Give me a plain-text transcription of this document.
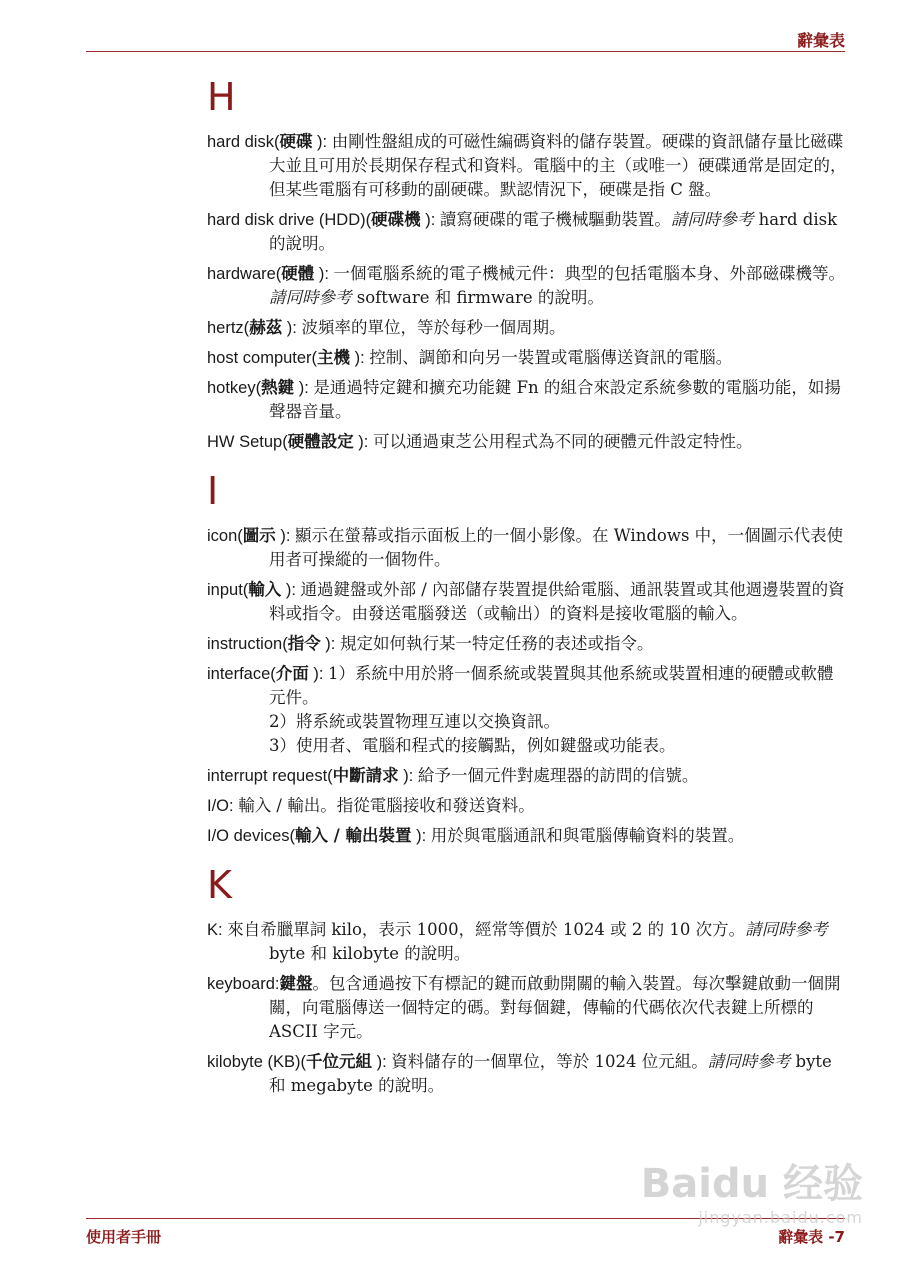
辭彙表
H
hard disk(硬碟 ): 由剛性盤組成的可磁性編碼資料的儲存裝置。硬碟的資訊儲存量比磁碟大並且可用於長期保存程式和資料。電腦中的主（或唯一）硬碟通常是固定的，但某些電腦有可移動的副硬碟。默認情況下，硬碟是指 C 盤。
hard disk drive (HDD)(硬碟機 ): 讀寫硬碟的電子機械驅動裝置。請同時參考 hard disk 的說明。
hardware(硬體 ): 一個電腦系統的電子機械元件：典型的包括電腦本身、外部磁碟機等。請同時參考 software 和 firmware 的說明。
hertz(赫茲 ): 波頻率的單位，等於每秒一個周期。
host computer(主機 ): 控制、調節和向另一裝置或電腦傳送資訊的電腦。
hotkey(熱鍵 ): 是通過特定鍵和擴充功能鍵 Fn 的組合來設定系統參數的電腦功能，如揚聲器音量。
HW Setup(硬體設定 ): 可以通過東芝公用程式為不同的硬體元件設定特性。
I
icon(圖示 ): 顯示在螢幕或指示面板上的一個小影像。在 Windows 中，一個圖示代表使用者可操縱的一個物件。
input(輸入 ): 通過鍵盤或外部 / 內部儲存裝置提供給電腦、通訊裝置或其他週邊裝置的資料或指令。由發送電腦發送（或輸出）的資料是接收電腦的輸入。
instruction(指令 ): 規定如何執行某一特定任務的表述或指令。
interface(介面 ): 1）系統中用於將一個系統或裝置與其他系統或裝置相連的硬體或軟體元件。
2）將系統或裝置物理互連以交換資訊。
3）使用者、電腦和程式的接觸點，例如鍵盤或功能表。
interrupt request(中斷請求 ): 給予一個元件對處理器的訪問的信號。
I/O: 輸入 / 輸出。指從電腦接收和發送資料。
I/O devices(輸入 / 輸出裝置 ): 用於與電腦通訊和與電腦傳輸資料的裝置。
K
K: 來自希臘單詞 kilo，表示 1000，經常等價於 1024 或 2 的 10 次方。請同時參考 byte 和 kilobyte 的說明。
keyboard:鍵盤。包含通過按下有標記的鍵而啟動開關的輸入裝置。每次擊鍵啟動一個開關，向電腦傳送一個特定的碼。對每個鍵，傳輸的代碼依次代表鍵上所標的 ASCII 字元。
kilobyte (KB)(千位元組 ): 資料儲存的一個單位，等於 1024 位元組。請同時參考 byte 和 megabyte 的說明。
使用者手冊	辭彙表 -7
Baidu 经验
jingyan.baidu.com
